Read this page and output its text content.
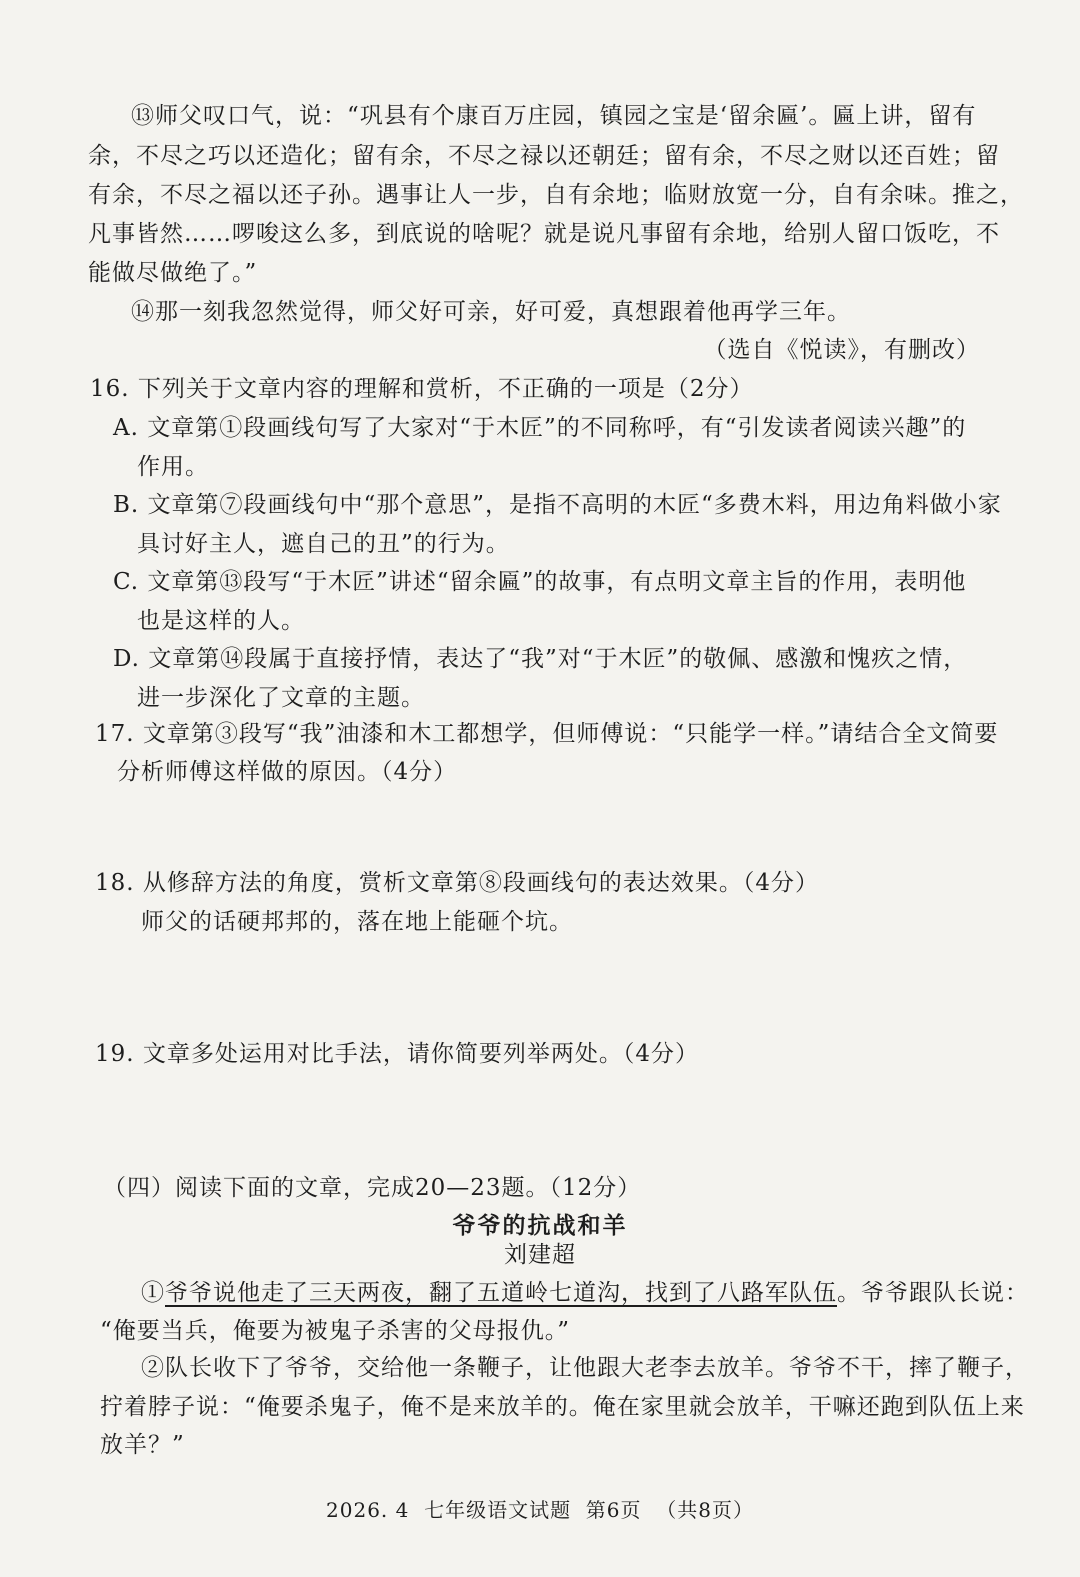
⑬师父叹口气，说：“巩县有个康百万庄园，镇园之宝是‘留余匾’。匾上讲，留有

余，不尽之巧以还造化；留有余，不尽之禄以还朝廷；留有余，不尽之财以还百姓；留

有余，不尽之福以还子孙。遇事让人一步，自有余地；临财放宽一分，自有余味。推之，

凡事皆然……啰唆这么多，到底说的啥呢？就是说凡事留有余地，给别人留口饭吃，不

能做尽做绝了。”

⑭那一刻我忽然觉得，师父好可亲，好可爱，真想跟着他再学三年。

（选自《悦读》，有删改）

16. 下列关于文章内容的理解和赏析，不正确的一项是（2分）

A. 文章第①段画线句写了大家对“于木匠”的不同称呼，有“引发读者阅读兴趣”的

作用。

B. 文章第⑦段画线句中“那个意思”，是指不高明的木匠“多费木料，用边角料做小家

具讨好主人，遮自己的丑”的行为。

C. 文章第⑬段写“于木匠”讲述“留余匾”的故事，有点明文章主旨的作用，表明他

也是这样的人。

D. 文章第⑭段属于直接抒情，表达了“我”对“于木匠”的敬佩、感激和愧疚之情，

进一步深化了文章的主题。

17. 文章第③段写“我”油漆和木工都想学，但师傅说：“只能学一样。”请结合全文简要

分析师傅这样做的原因。（4分）

18. 从修辞方法的角度，赏析文章第⑧段画线句的表达效果。（4分）

师父的话硬邦邦的，落在地上能砸个坑。

19. 文章多处运用对比手法，请你简要列举两处。（4分）

（四）阅读下面的文章，完成20—23题。（12分）

爷爷的抗战和羊

刘建超

①爷爷说他走了三天两夜，翻了五道岭七道沟，找到了八路军队伍。爷爷跟队长说：

“俺要当兵，俺要为被鬼子杀害的父母报仇。”

②队长收下了爷爷，交给他一条鞭子，让他跟大老李去放羊。爷爷不干，摔了鞭子，

拧着脖子说：“俺要杀鬼子，俺不是来放羊的。俺在家里就会放羊，干嘛还跑到队伍上来

放羊？”

2026. 4  七年级语文试题  第6页  （共8页）
